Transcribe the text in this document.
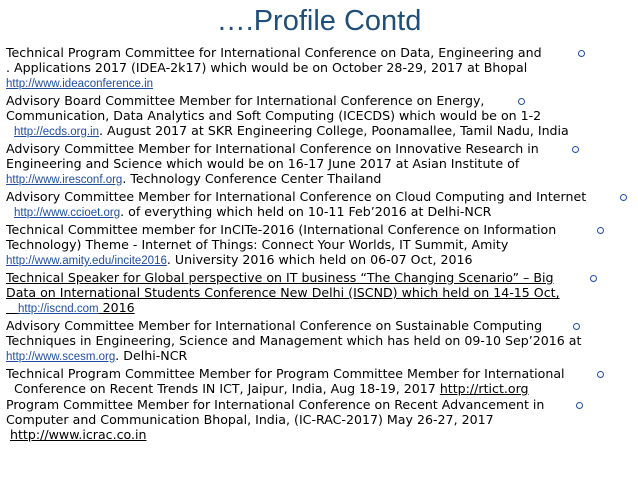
….Profile Contd
Technical Program Committee for International Conference on Data, Engineering and
. Applications 2017 (IDEA-2k17) which would be on October 28-29, 2017 at Bhopal
http://www.ideaconference.in
Advisory Board Committee Member for International Conference on Energy,
Communication, Data Analytics and Soft Computing (ICECDS) which would be on 1-2
http://ecds.org.in. August 2017 at SKR Engineering College, Poonamallee, Tamil Nadu, India
Advisory Committee Member for International Conference on Innovative Research in
Engineering and Science which would be on 16-17 June 2017 at Asian Institute of
http://www.iresconf.org. Technology Conference Center Thailand
Advisory Committee Member for International Conference on Cloud Computing and Internet
http://www.ccioet.org. of everything which held on 10-11 Feb’2016 at Delhi-NCR
Technical Committee member for InCITe-2016 (International Conference on Information
Technology) Theme - Internet of Things: Connect Your Worlds, IT Summit, Amity
http://www.amity.edu/incite2016. University 2016 which held on 06-07 Oct, 2016
Technical Speaker for Global perspective on IT business “The Changing Scenario” – Big
Data on International Students Conference New Delhi (ISCND) which held on 14-15 Oct,
http://iscnd.com 2016
Advisory Committee Member for International Conference on Sustainable Computing
Techniques in Engineering, Science and Management which has held on 09-10 Sep’2016 at
http://www.scesm.org. Delhi-NCR
Technical Program Committee Member for Program Committee Member for International
Conference on Recent Trends IN ICT, Jaipur, India, Aug 18-19, 2017 http://rtict.org
Program Committee Member for International Conference on Recent Advancement in
Computer and Communication Bhopal, India, (IC-RAC-2017) May 26-27, 2017
http://www.icrac.co.in
